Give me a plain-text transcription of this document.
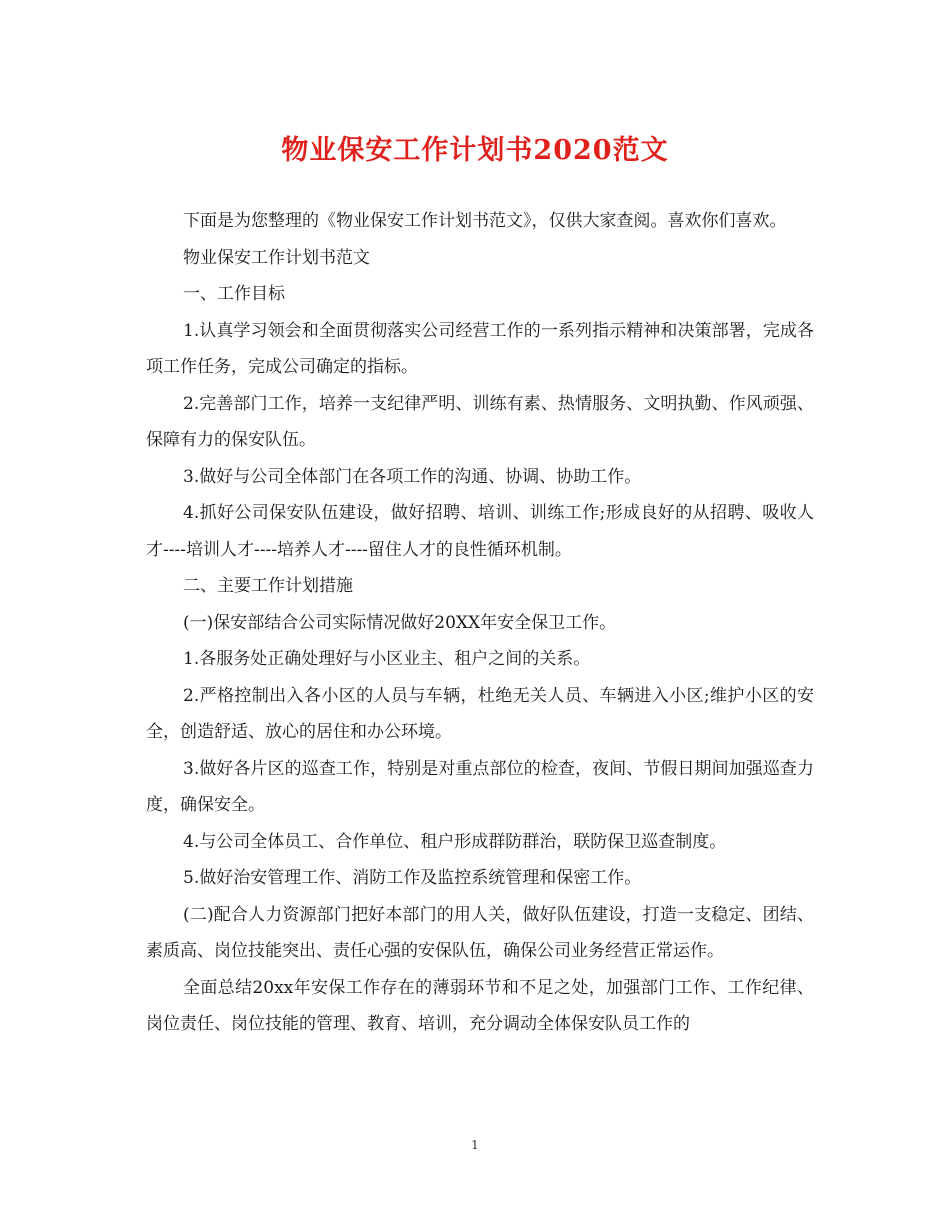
物业保安工作计划书2020范文

下面是为您整理的《物业保安工作计划书范文》，仅供大家查阅。喜欢你们喜欢。

物业保安工作计划书范文

一、工作目标

1.认真学习领会和全面贯彻落实公司经营工作的一系列指示精神和决策部署，完成各项工作任务，完成公司确定的指标。

2.完善部门工作，培养一支纪律严明、训练有素、热情服务、文明执勤、作风顽强、保障有力的保安队伍。

3.做好与公司全体部门在各项工作的沟通、协调、协助工作。

4.抓好公司保安队伍建设，做好招聘、培训、训练工作;形成良好的从招聘、吸收人才----培训人才----培养人才----留住人才的良性循环机制。

二、主要工作计划措施

(一)保安部结合公司实际情况做好20XX年安全保卫工作。

1.各服务处正确处理好与小区业主、租户之间的关系。

2.严格控制出入各小区的人员与车辆，杜绝无关人员、车辆进入小区;维护小区的安全，创造舒适、放心的居住和办公环境。

3.做好各片区的巡查工作，特别是对重点部位的检查，夜间、节假日期间加强巡查力度，确保安全。

4.与公司全体员工、合作单位、租户形成群防群治，联防保卫巡查制度。

5.做好治安管理工作、消防工作及监控系统管理和保密工作。

(二)配合人力资源部门把好本部门的用人关，做好队伍建设，打造一支稳定、团结、素质高、岗位技能突出、责任心强的安保队伍，确保公司业务经营正常运作。

全面总结20xx年安保工作存在的薄弱环节和不足之处，加强部门工作、工作纪律、岗位责任、岗位技能的管理、教育、培训，充分调动全体保安队员工作的

1
